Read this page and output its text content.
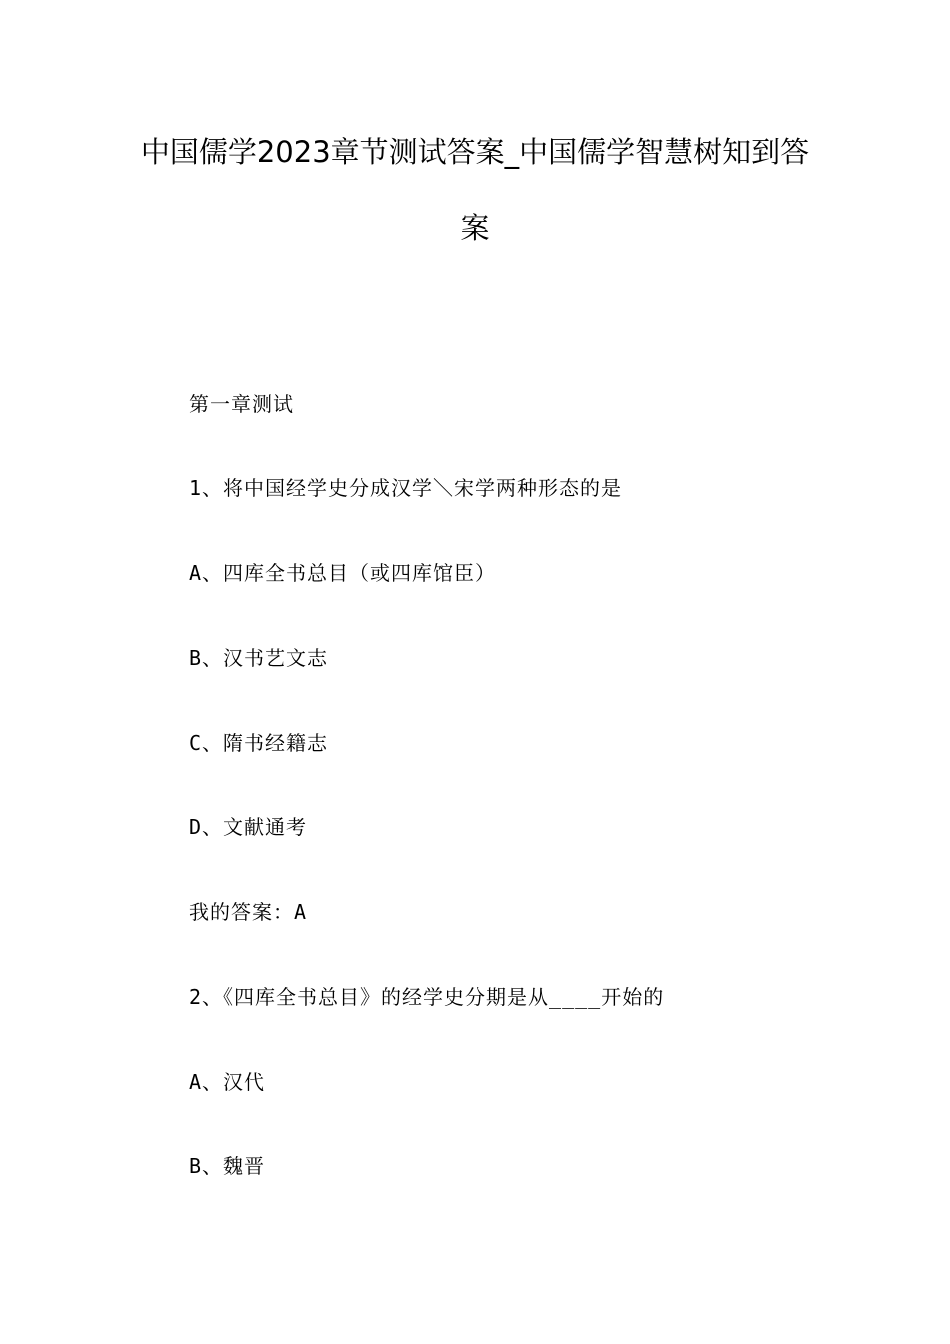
中国儒学2023章节测试答案_中国儒学智慧树知到答
案
第一章测试
1、将中国经学史分成汉学＼宋学两种形态的是
A、四库全书总目（或四库馆臣）
B、汉书艺文志
C、隋书经籍志
D、文献通考
我的答案：A
2、《四库全书总目》的经学史分期是从____开始的
A、汉代
B、魏晋
